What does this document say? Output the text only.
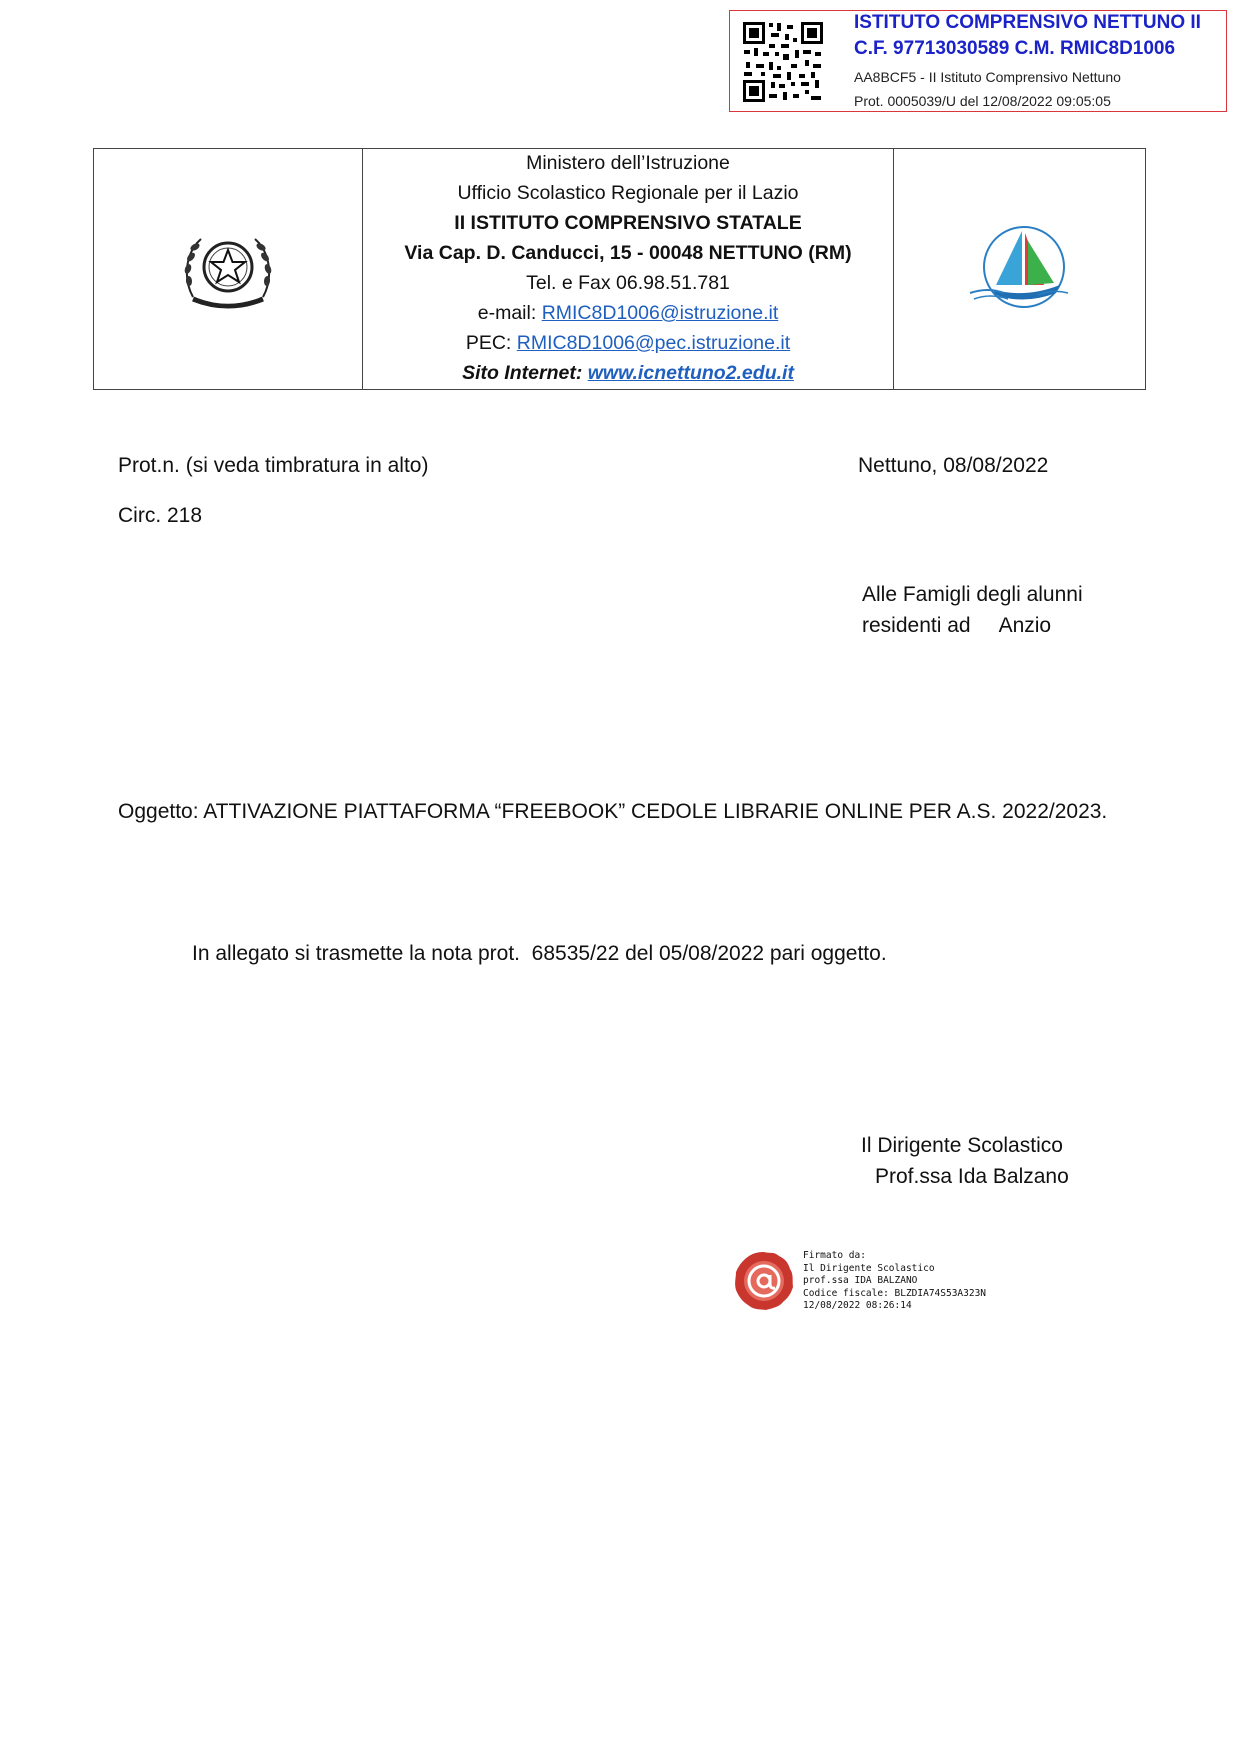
ISTITUTO COMPRENSIVO NETTUNO II
C.F. 97713030589 C.M. RMIC8D1006
AA8BCF5 - II Istituto Comprensivo Nettuno
Prot. 0005039/U del 12/08/2022 09:05:05
Ministero dell’Istruzione
Ufficio Scolastico Regionale per il Lazio
II ISTITUTO COMPRENSIVO STATALE
Via Cap. D. Canducci, 15 - 00048 NETTUNO (RM)
Tel. e Fax 06.98.51.781
e-mail: RMIC8D1006@istruzione.it
PEC: RMIC8D1006@pec.istruzione.it
Sito Internet: www.icnettuno2.edu.it
Prot.n. (si veda timbratura in alto)	Nettuno, 08/08/2022
Circ. 218
Alle Famigli degli alunni
residenti ad     Anzio
Oggetto: ATTIVAZIONE PIATTAFORMA “FREEBOOK” CEDOLE LIBRARIE ONLINE PER A.S. 2022/2023.
In allegato si trasmette la nota prot.  68535/22 del 05/08/2022 pari oggetto.
Il Dirigente Scolastico
Prof.ssa Ida Balzano
Firmato da:
Il Dirigente Scolastico
prof.ssa IDA BALZANO
Codice fiscale: BLZDIA74S53A323N
12/08/2022 08:26:14
